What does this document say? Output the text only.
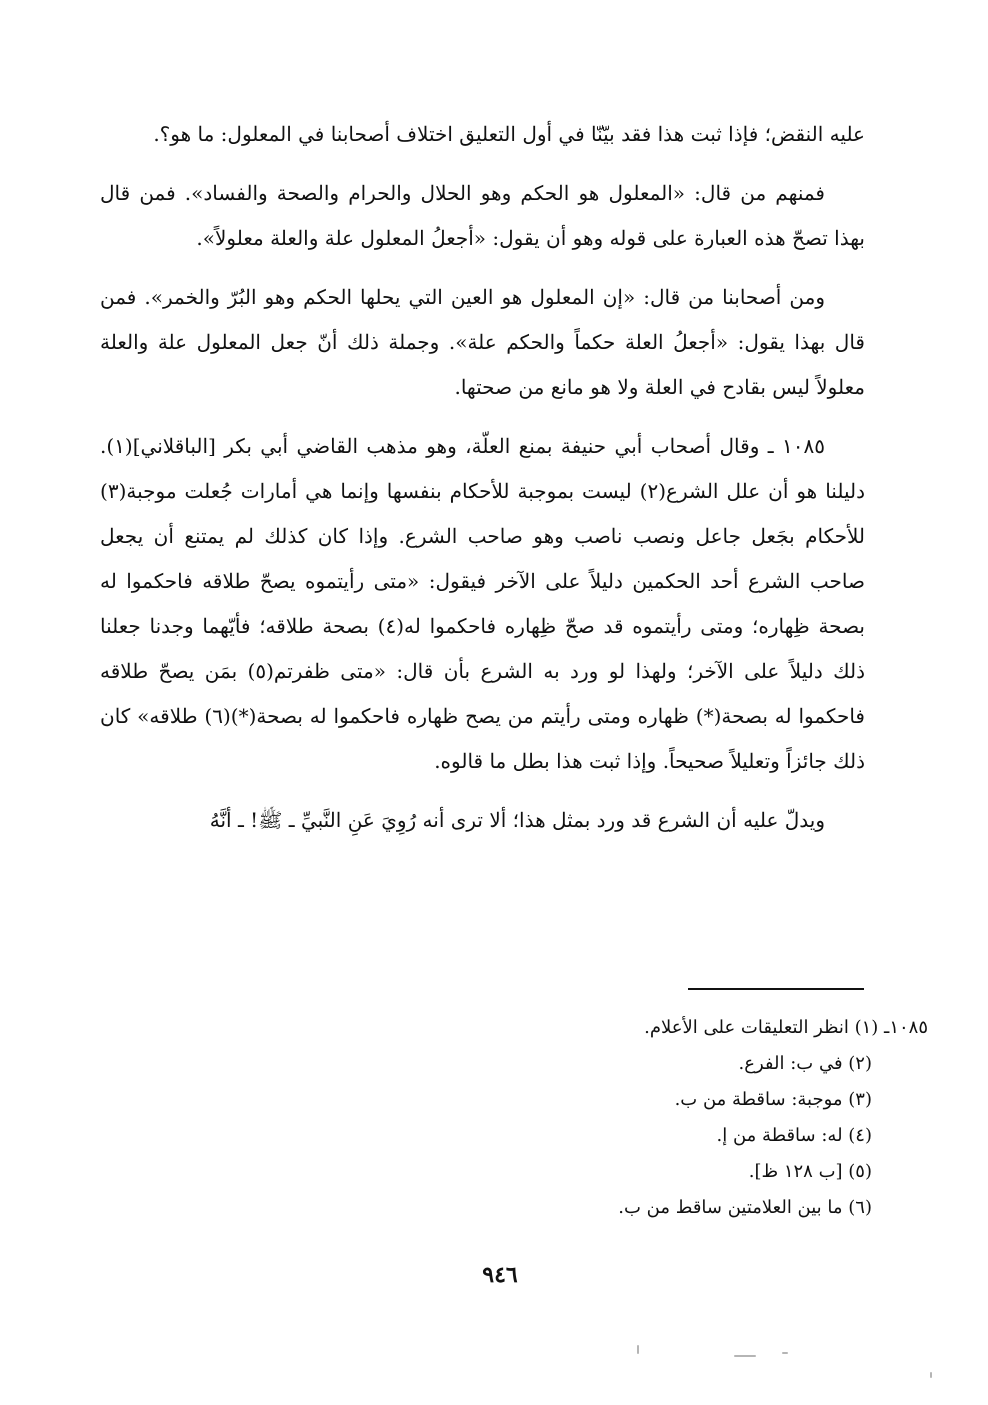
عليه النقض؛ فإذا ثبت هذا فقد بيّنّا في أول التعليق اختلاف أصحابنا في المعلول: ما هو؟.

فمنهم من قال: «المعلول هو الحكم وهو الحلال والحرام والصحة والفساد». فمن قال بهذا تصحّ هذه العبارة على قوله وهو أن يقول: «أجعلُ المعلول علة والعلة معلولاً».

ومن أصحابنا من قال: «إن المعلول هو العين التي يحلها الحكم وهو البُرّ والخمر». فمن قال بهذا يقول: «أجعلُ العلة حكماً والحكم علة». وجملة ذلك أنّ جعل المعلول علة والعلة معلولاً ليس بقادح في العلة ولا هو مانع من صحتها.

١٠٨٥ ـ وقال أصحاب أبي حنيفة بمنع العلّة، وهو مذهب القاضي أبي بكر [الباقلاني](١). دليلنا هو أن علل الشرع(٢) ليست بموجبة للأحكام بنفسها وإنما هي أمارات جُعلت موجبة(٣) للأحكام بجَعل جاعل ونصب ناصب وهو صاحب الشرع. وإذا كان كذلك لم يمتنع أن يجعل صاحب الشرع أحد الحكمين دليلاً على الآخر فيقول: «متى رأيتموه يصحّ طلاقه فاحكموا له بصحة ظِهاره؛ ومتى رأيتموه قد صحّ ظِهاره فاحكموا له(٤) بصحة طلاقه؛ فأيّهما وجدنا جعلنا ذلك دليلاً على الآخر؛ ولهذا لو ورد به الشرع بأن قال: «متى ظفرتم(٥) بمَن يصحّ طلاقه فاحكموا له بصحة(*) ظهاره ومتى رأيتم من يصح ظهاره فاحكموا له بصحة(*)(٦) طلاقه» كان ذلك جائزاً وتعليلاً صحيحاً. وإذا ثبت هذا بطل ما قالوه.

ويدلّ عليه أن الشرع قد ورد بمثل هذا؛ ألا ترى أنه رُوِيَ عَنِ النَّبيِّ ـ ﷺ! ـ أنَّهُ

١٠٨٥ـ (١) انظر التعليقات على الأعلام.

(٢) في ب: الفرع.

(٣) موجبة: ساقطة من ب.

(٤) له: ساقطة من إ.

(٥) [ب ١٢٨ ظ].

(٦) ما بين العلامتين ساقط من ب.

٩٤٦
